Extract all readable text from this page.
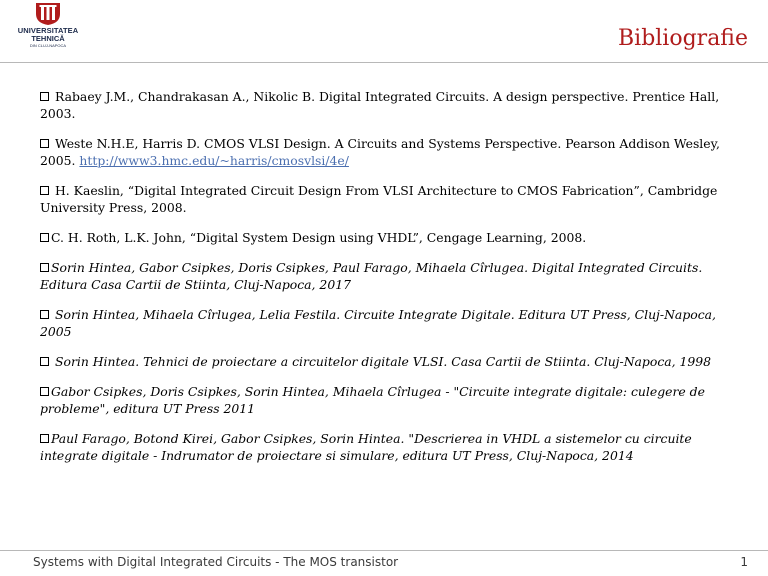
UNIVERSITATEA
TEHNICĂ
DIN CLUJ-NAPOCA	Bibliografie
Rabaey J.M., Chandrakasan A., Nikolic B. Digital Integrated Circuits. A design perspective. Prentice Hall, 2003.
Weste N.H.E, Harris D. CMOS VLSI Design. A Circuits and Systems Perspective. Pearson Addison Wesley, 2005. http://www3.hmc.edu/~harris/cmosvlsi/4e/
H. Kaeslin, “Digital Integrated Circuit Design From VLSI Architecture to CMOS Fabrication”, Cambridge University Press, 2008.
C. H. Roth, L.K. John, “Digital System Design using VHDL”, Cengage Learning, 2008.
Sorin Hintea, Gabor Csipkes, Doris Csipkes, Paul Farago, Mihaela Cîrlugea. Digital Integrated Circuits. Editura Casa Cartii de Stiinta, Cluj-Napoca, 2017
Sorin Hintea, Mihaela Cîrlugea, Lelia Festila. Circuite Integrate Digitale. Editura UT Press, Cluj-Napoca, 2005
Sorin Hintea. Tehnici de proiectare a circuitelor digitale VLSI. Casa Cartii de Stiinta. Cluj-Napoca, 1998
Gabor Csipkes, Doris Csipkes, Sorin Hintea, Mihaela Cîrlugea - "Circuite integrate digitale: culegere de probleme", editura UT Press 2011
Paul Farago, Botond Kirei, Gabor Csipkes, Sorin Hintea. "Descrierea in VHDL a sistemelor cu circuite integrate digitale - Indrumator de proiectare si simulare, editura UT Press, Cluj-Napoca, 2014
Systems with Digital Integrated Circuits - The MOS transistor	1
